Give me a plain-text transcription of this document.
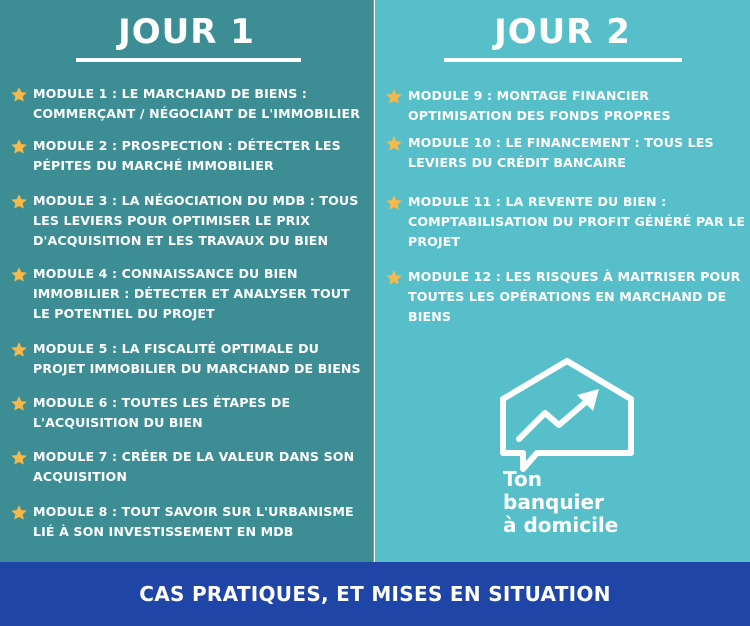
JOUR 1
MODULE 1 : LE MARCHAND DE BIENS : COMMERÇANT / NÉGOCIANT DE L'IMMOBILIER
MODULE 2 : PROSPECTION : DÉTECTER LES PÉPITES DU MARCHÉ IMMOBILIER
MODULE 3 : LA NÉGOCIATION DU MDB : TOUS LES LEVIERS POUR OPTIMISER LE PRIX D'ACQUISITION ET LES TRAVAUX DU BIEN
MODULE 4 : CONNAISSANCE DU BIEN IMMOBILIER : DÉTECTER ET ANALYSER TOUT LE POTENTIEL DU PROJET
MODULE 5 : LA FISCALITÉ OPTIMALE DU PROJET IMMOBILIER DU MARCHAND DE BIENS
MODULE 6 : TOUTES LES ÉTAPES DE L'ACQUISITION DU BIEN
MODULE 7 : CRÉER DE LA VALEUR DANS SON ACQUISITION
MODULE 8 : TOUT SAVOIR SUR L'URBANISME LIÉ À SON INVESTISSEMENT EN MDB
JOUR 2
MODULE 9 : MONTAGE FINANCIER OPTIMISATION DES FONDS PROPRES
MODULE 10 : LE FINANCEMENT : TOUS LES LEVIERS DU CRÉDIT BANCAIRE
MODULE 11 : LA REVENTE DU BIEN : COMPTABILISATION DU PROFIT GÉNÉRÉ PAR LE PROJET
MODULE 12 : LES RISQUES À MAITRISER POUR TOUTES LES OPÉRATIONS EN MARCHAND DE BIENS
Ton
banquier
à domicile
CAS PRATIQUES, ET MISES EN SITUATION
